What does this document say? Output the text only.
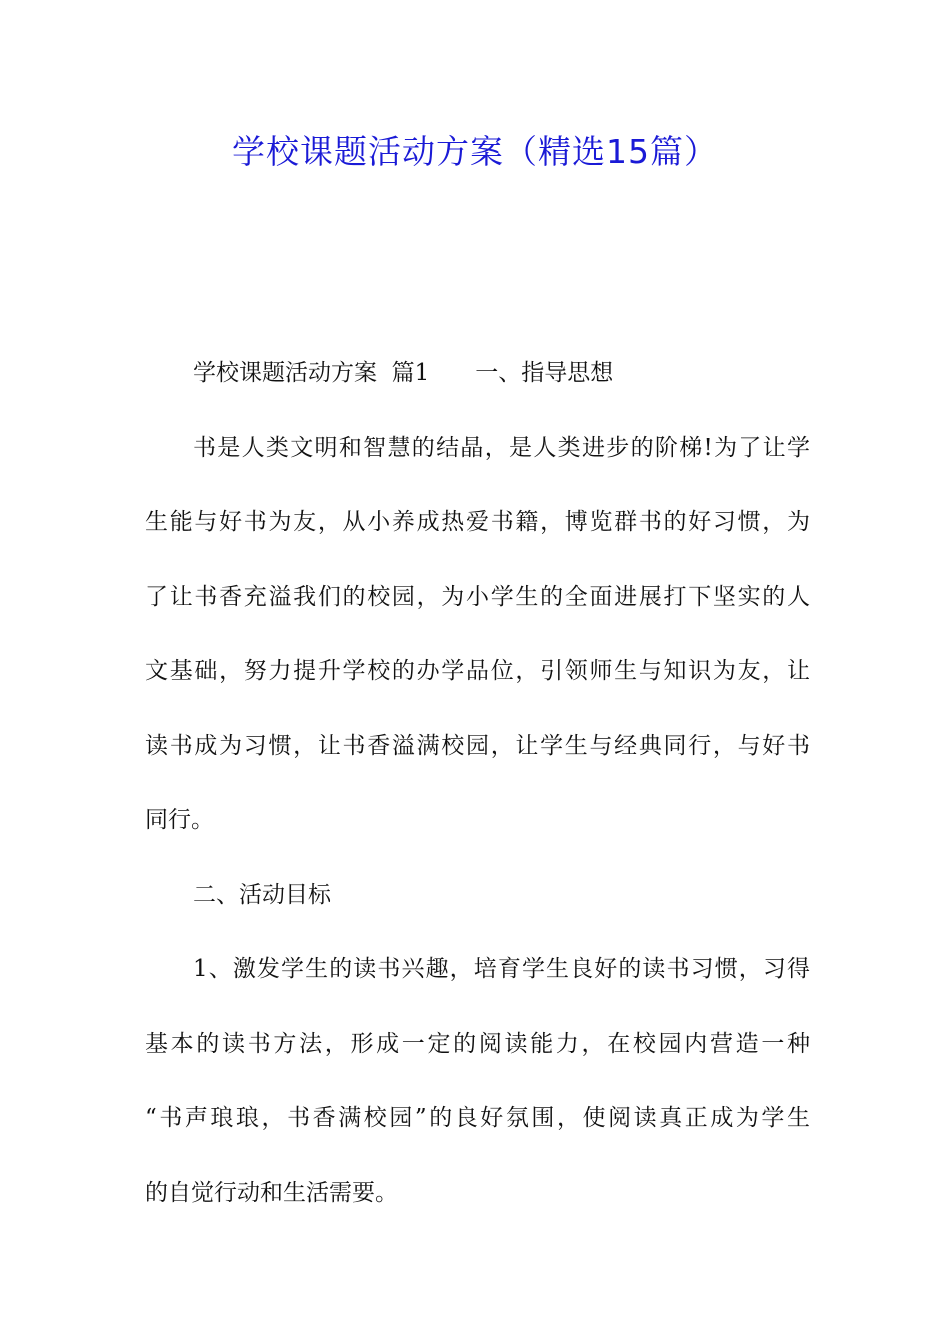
学校课题活动方案（精选15篇）

学校课题活动方案  篇1 一、指导思想

书是人类文明和智慧的结晶，是人类进步的阶梯!为了让学
生能与好书为友，从小养成热爱书籍，博览群书的好习惯，为
了让书香充溢我们的校园，为小学生的全面进展打下坚实的人
文基础，努力提升学校的办学品位，引领师生与知识为友，让
读书成为习惯，让书香溢满校园，让学生与经典同行，与好书
同行。

二、活动目标

1、激发学生的读书兴趣，培育学生良好的读书习惯，习得
基本的读书方法，形成一定的阅读能力，在校园内营造一种
“书声琅琅，书香满校园”的良好氛围，使阅读真正成为学生
的自觉行动和生活需要。
